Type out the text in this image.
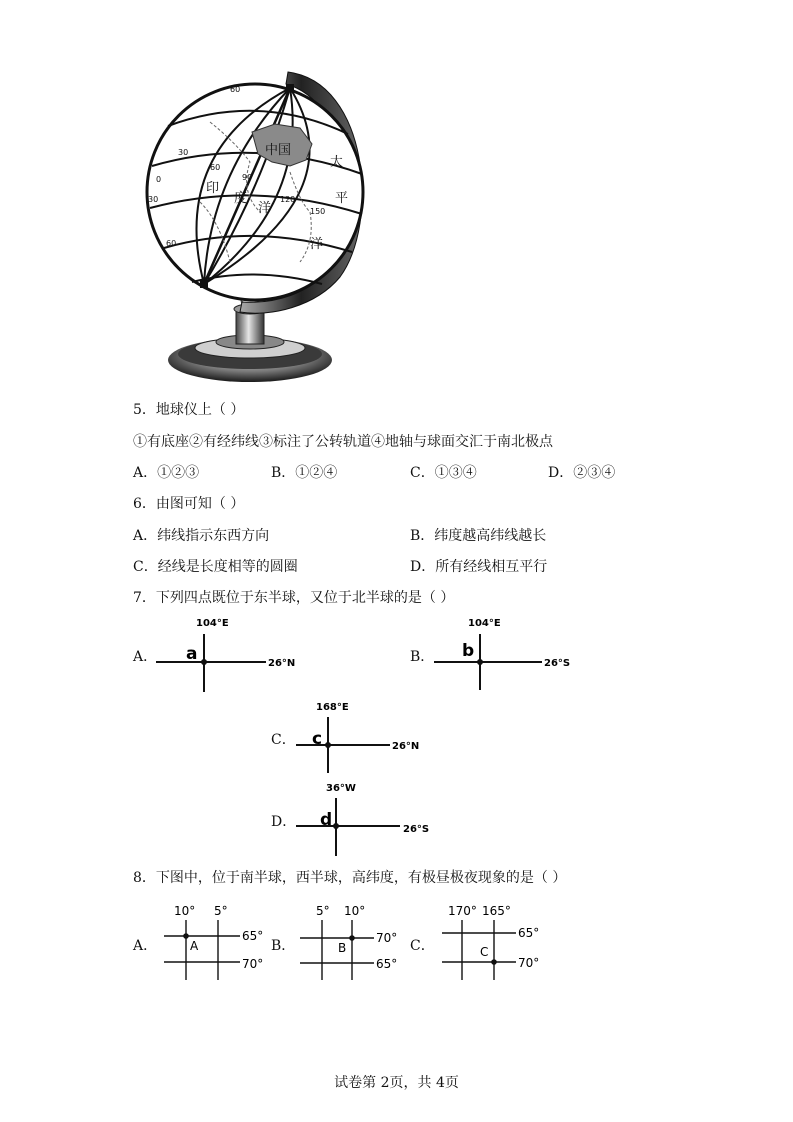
中国
太
平
洋
印
度
洋
60
30
0
30
60
60
90
120
150
5．地球仪上（ ）
①有底座②有经纬线③标注了公转轨道④地轴与球面交汇于南北极点
A．①②③	B．①②④	C．①③④	D．②③④
6．由图可知（ ）
A．纬线指示东西方向	B．纬度越高纬线越长
C．经线是长度相等的圆圈	D．所有经线相互平行
7．下列四点既位于东半球，又位于北半球的是（ ）
A．
104°E
26°N
a	B．
104°E
26°S
b
C．
168°E
26°N
c
D．
36°W
26°S
d
8．下图中，位于南半球，西半球，高纬度，有极昼极夜现象的是（ ）
A．
10° 5°
65°
70°
A	B．
5° 10°
70°
65°
B	C．
170° 165°
65°
70°
C
试卷第 2页，共 4页
